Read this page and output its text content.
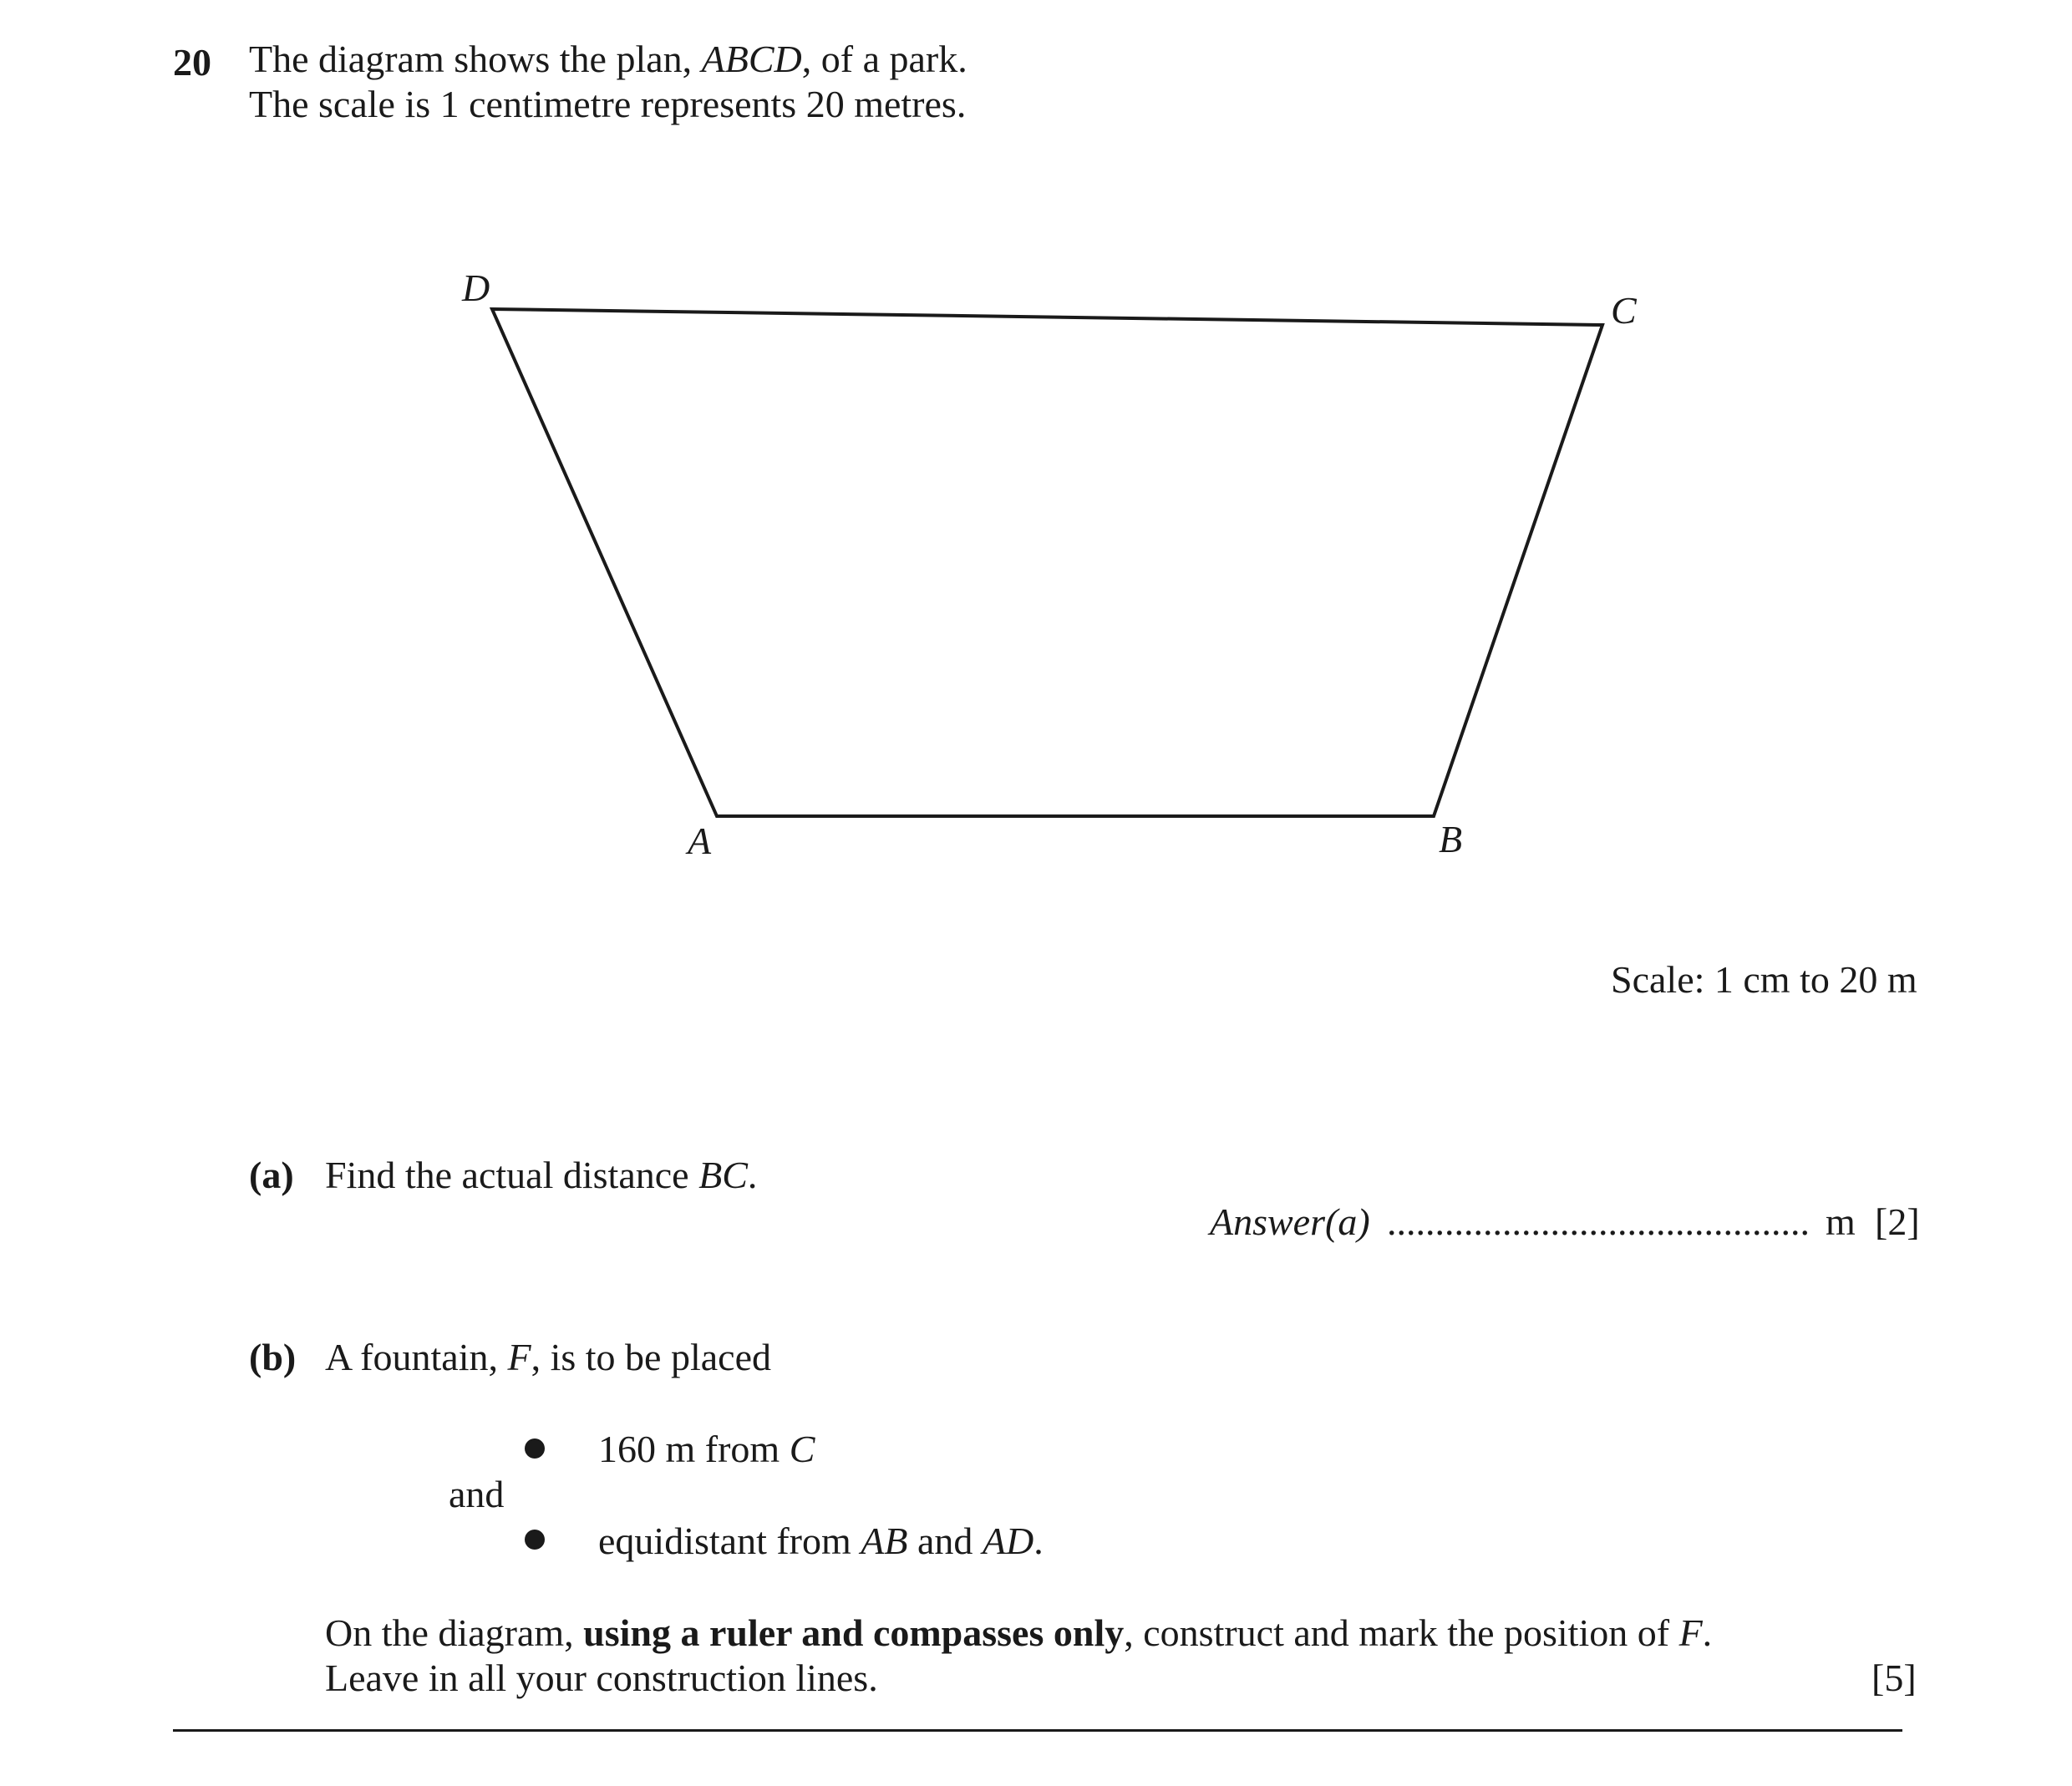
20 The diagram shows the plan, ABCD, of a park.
The scale is 1 centimetre represents 20 metres.
D
C
A	B
Scale: 1 cm to 20 m
(a) Find the actual distance BC.
Answer(a) ............................................ m [2]
(b) A fountain, F, is to be placed
160 m from C
and
equidistant from AB and AD.
On the diagram, using a ruler and compasses only, construct and mark the position of F.
Leave in all your construction lines.	[5]
